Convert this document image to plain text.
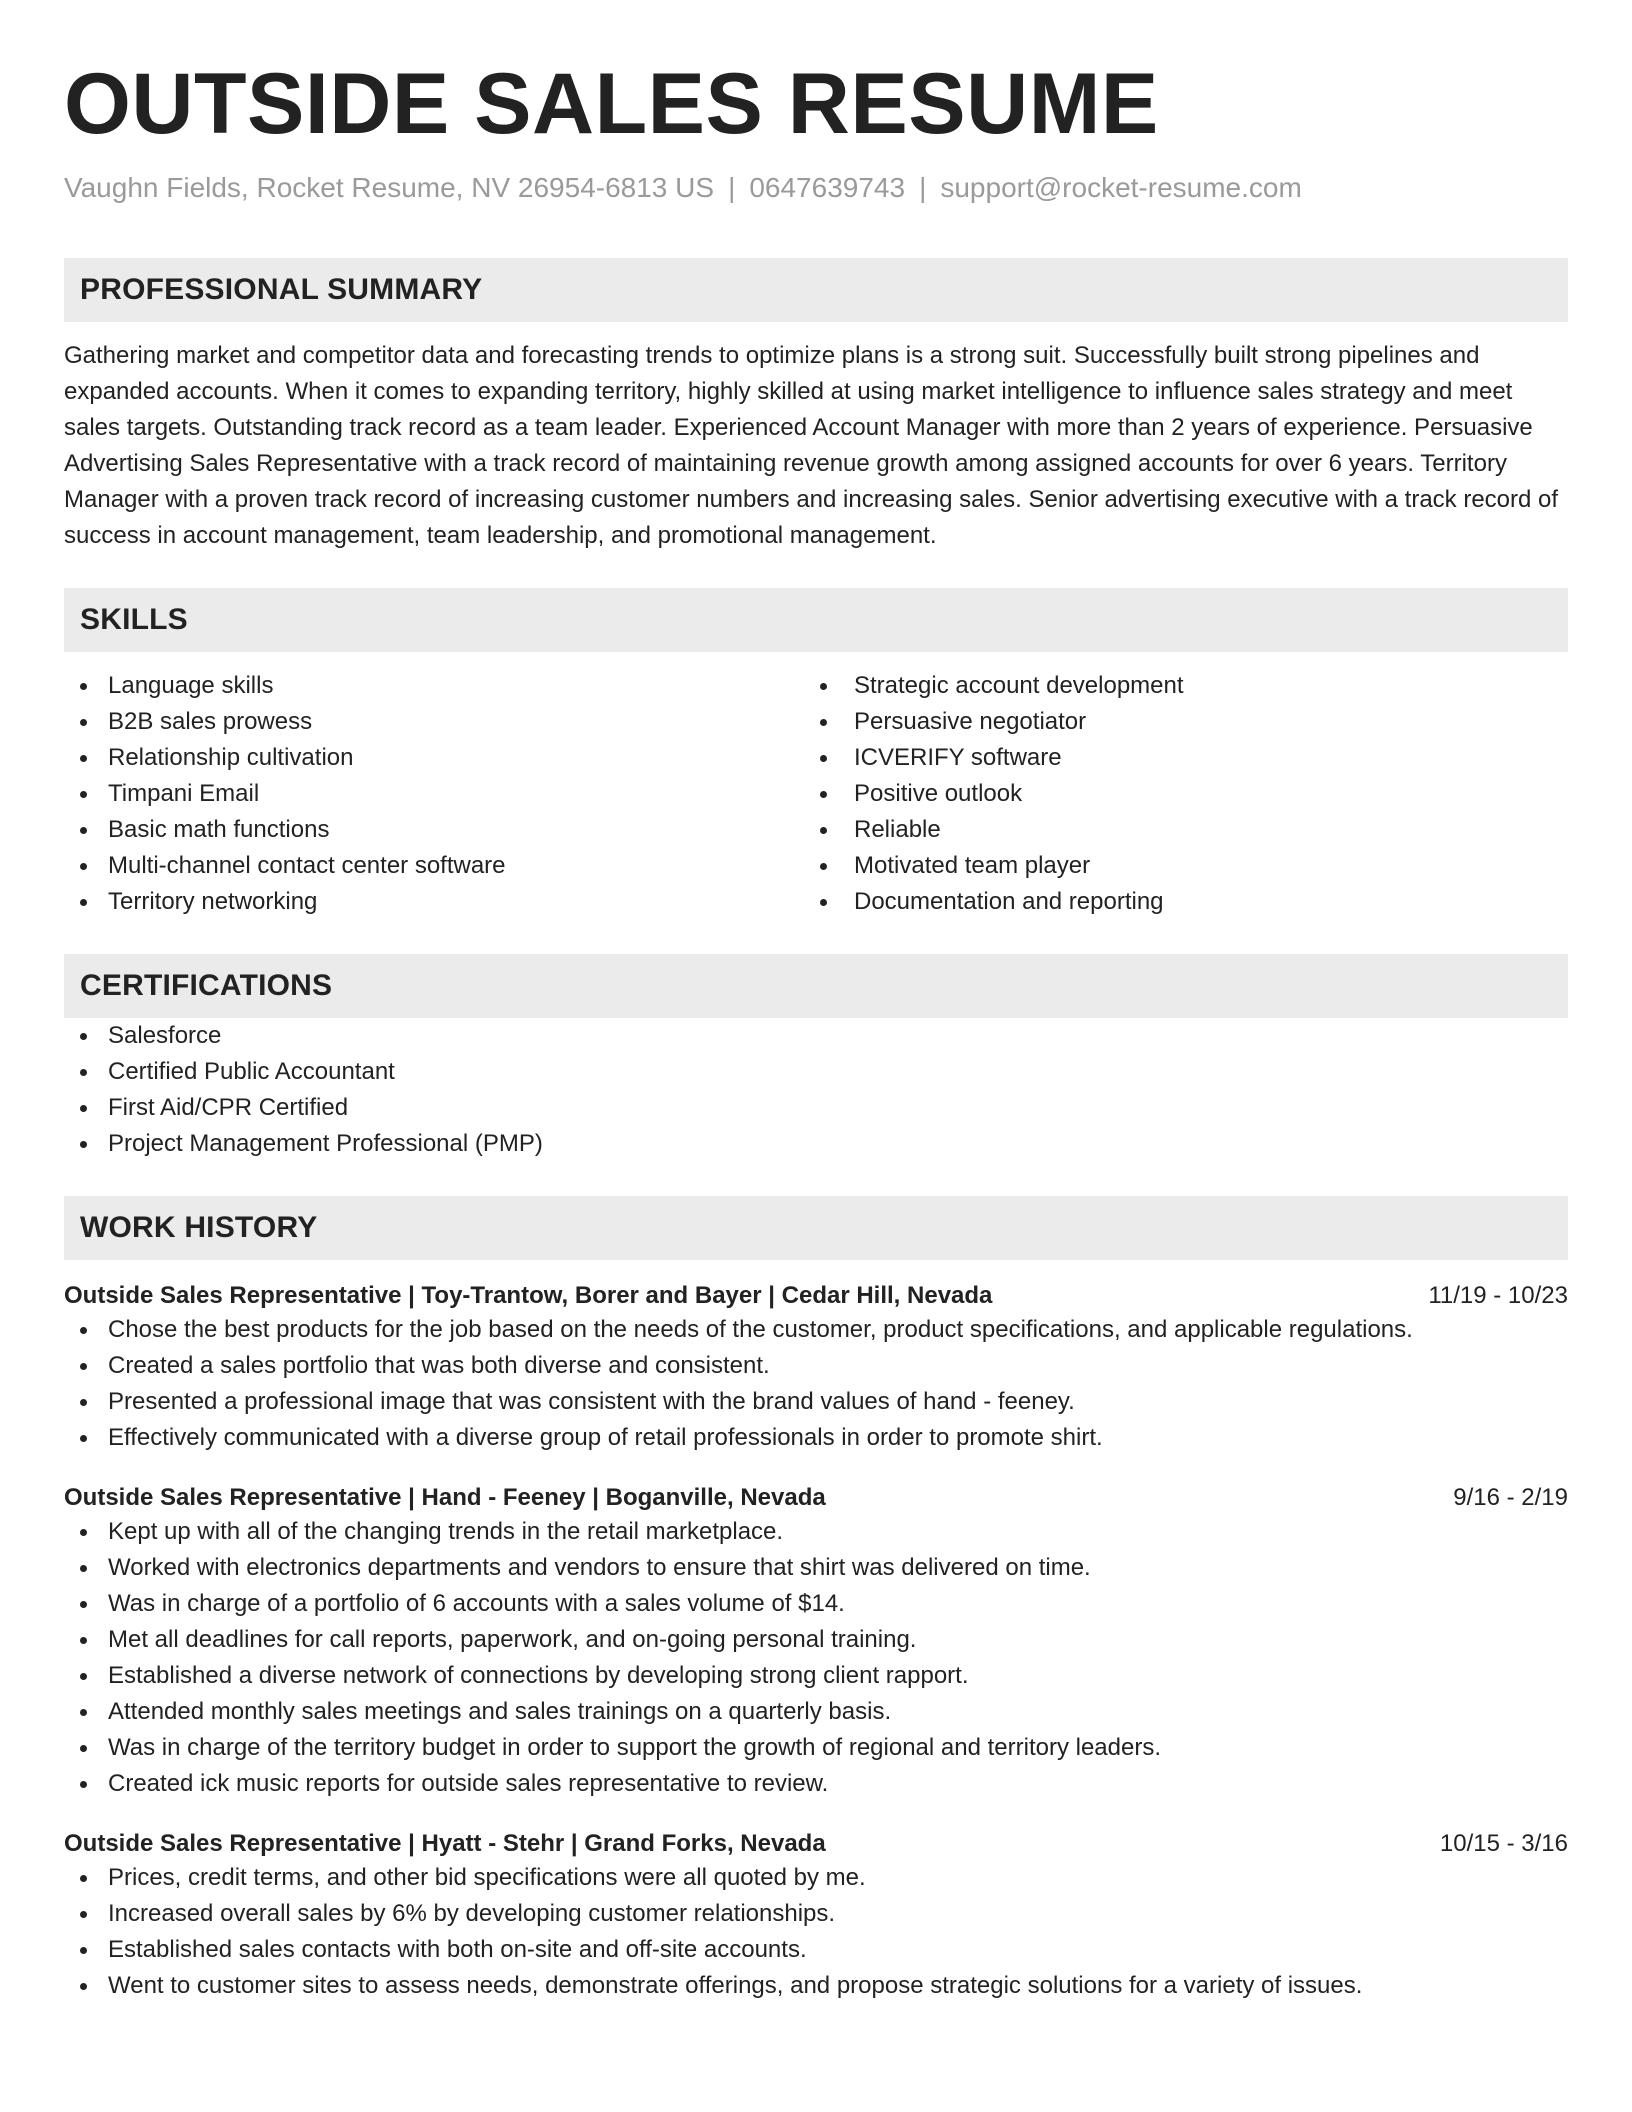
OUTSIDE SALES RESUME
Vaughn Fields, Rocket Resume, NV 26954-6813 US | 0647639743 | support@rocket-resume.com
PROFESSIONAL SUMMARY

Gathering market and competitor data and forecasting trends to optimize plans is a strong suit. Successfully built strong pipelines and expanded accounts. When it comes to expanding territory, highly skilled at using market intelligence to influence sales strategy and meet sales targets. Outstanding track record as a team leader. Experienced Account Manager with more than 2 years of experience. Persuasive Advertising Sales Representative with a track record of maintaining revenue growth among assigned accounts for over 6 years. Territory Manager with a proven track record of increasing customer numbers and increasing sales. Senior advertising executive with a track record of success in account management, team leadership, and promotional management.

SKILLS
Language skills
B2B sales prowess
Relationship cultivation
Timpani Email
Basic math functions
Multi-channel contact center software
Territory networking
Strategic account development
Persuasive negotiator
ICVERIFY software
Positive outlook
Reliable
Motivated team player
Documentation and reporting
CERTIFICATIONS
Salesforce
Certified Public Accountant
First Aid/CPR Certified
Project Management Professional (PMP)
WORK HISTORY
Outside Sales Representative | Toy-Trantow, Borer and Bayer | Cedar Hill, Nevada	11/19 - 10/23
Chose the best products for the job based on the needs of the customer, product specifications, and applicable regulations.
Created a sales portfolio that was both diverse and consistent.
Presented a professional image that was consistent with the brand values of hand - feeney.
Effectively communicated with a diverse group of retail professionals in order to promote shirt.
Outside Sales Representative | Hand - Feeney | Boganville, Nevada	9/16 - 2/19
Kept up with all of the changing trends in the retail marketplace.
Worked with electronics departments and vendors to ensure that shirt was delivered on time.
Was in charge of a portfolio of 6 accounts with a sales volume of $14.
Met all deadlines for call reports, paperwork, and on-going personal training.
Established a diverse network of connections by developing strong client rapport.
Attended monthly sales meetings and sales trainings on a quarterly basis.
Was in charge of the territory budget in order to support the growth of regional and territory leaders.
Created ick music reports for outside sales representative to review.
Outside Sales Representative | Hyatt - Stehr | Grand Forks, Nevada	10/15 - 3/16
Prices, credit terms, and other bid specifications were all quoted by me.
Increased overall sales by 6% by developing customer relationships.
Established sales contacts with both on-site and off-site accounts.
Went to customer sites to assess needs, demonstrate offerings, and propose strategic solutions for a variety of issues.
